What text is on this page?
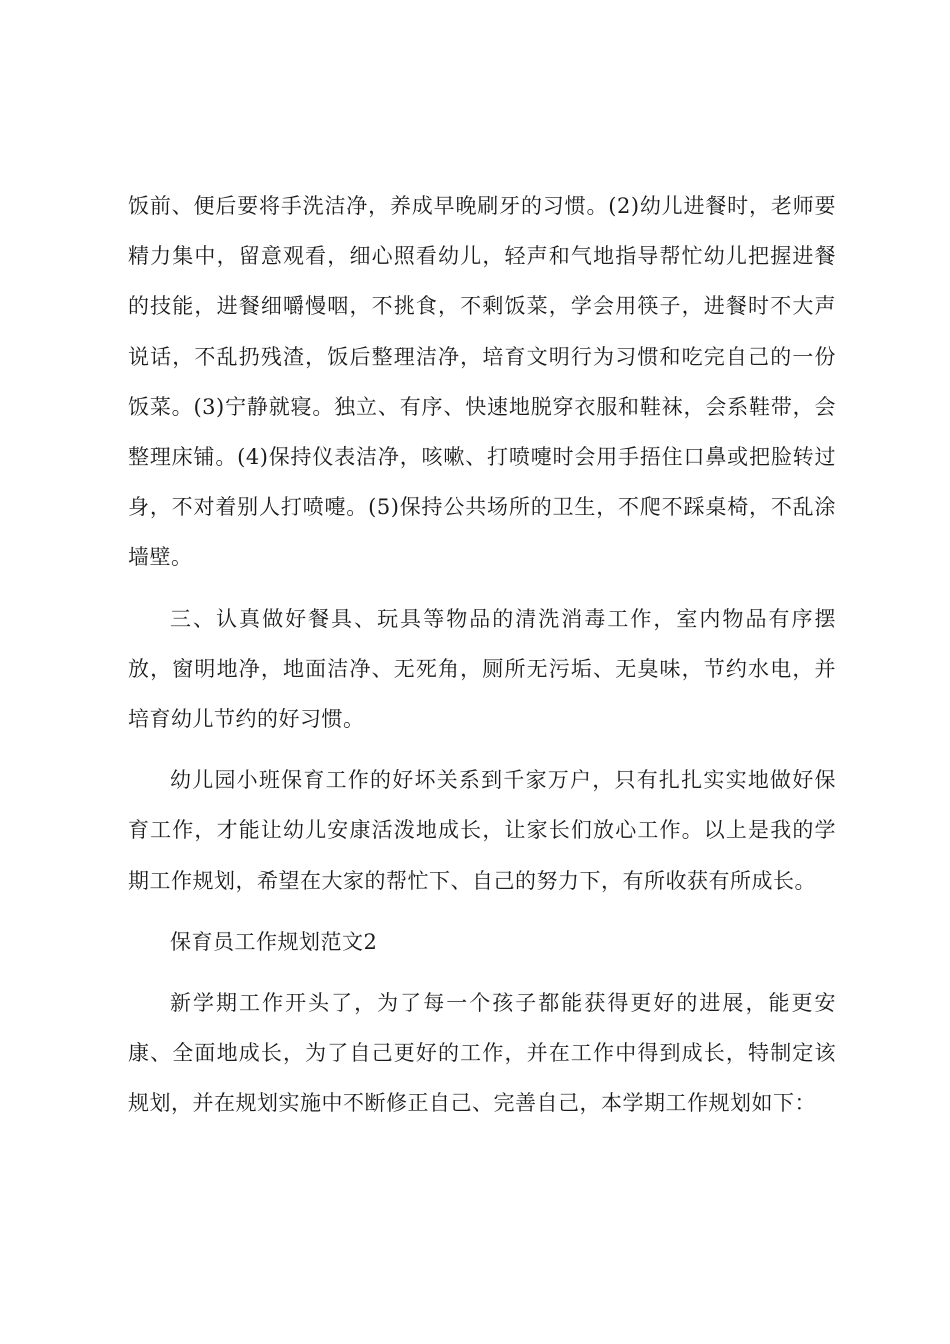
饭前、便后要将手洗洁净，养成早晚刷牙的习惯。(2)幼儿进餐时，老师要精力集中，留意观看，细心照看幼儿，轻声和气地指导帮忙幼儿把握进餐的技能，进餐细嚼慢咽，不挑食，不剩饭菜，学会用筷子，进餐时不大声说话，不乱扔残渣，饭后整理洁净，培育文明行为习惯和吃完自己的一份饭菜。(3)宁静就寝。独立、有序、快速地脱穿衣服和鞋袜，会系鞋带，会整理床铺。(4)保持仪表洁净，咳嗽、打喷嚏时会用手捂住口鼻或把脸转过身，不对着别人打喷嚏。(5)保持公共场所的卫生，不爬不踩桌椅，不乱涂墙壁。

三、认真做好餐具、玩具等物品的清洗消毒工作，室内物品有序摆放，窗明地净，地面洁净、无死角，厕所无污垢、无臭味，节约水电，并培育幼儿节约的好习惯。

幼儿园小班保育工作的好坏关系到千家万户，只有扎扎实实地做好保育工作，才能让幼儿安康活泼地成长，让家长们放心工作。以上是我的学期工作规划，希望在大家的帮忙下、自己的努力下，有所收获有所成长。

保育员工作规划范文2

新学期工作开头了，为了每一个孩子都能获得更好的进展，能更安康、全面地成长，为了自己更好的工作，并在工作中得到成长，特制定该规划，并在规划实施中不断修正自己、完善自己，本学期工作规划如下：
